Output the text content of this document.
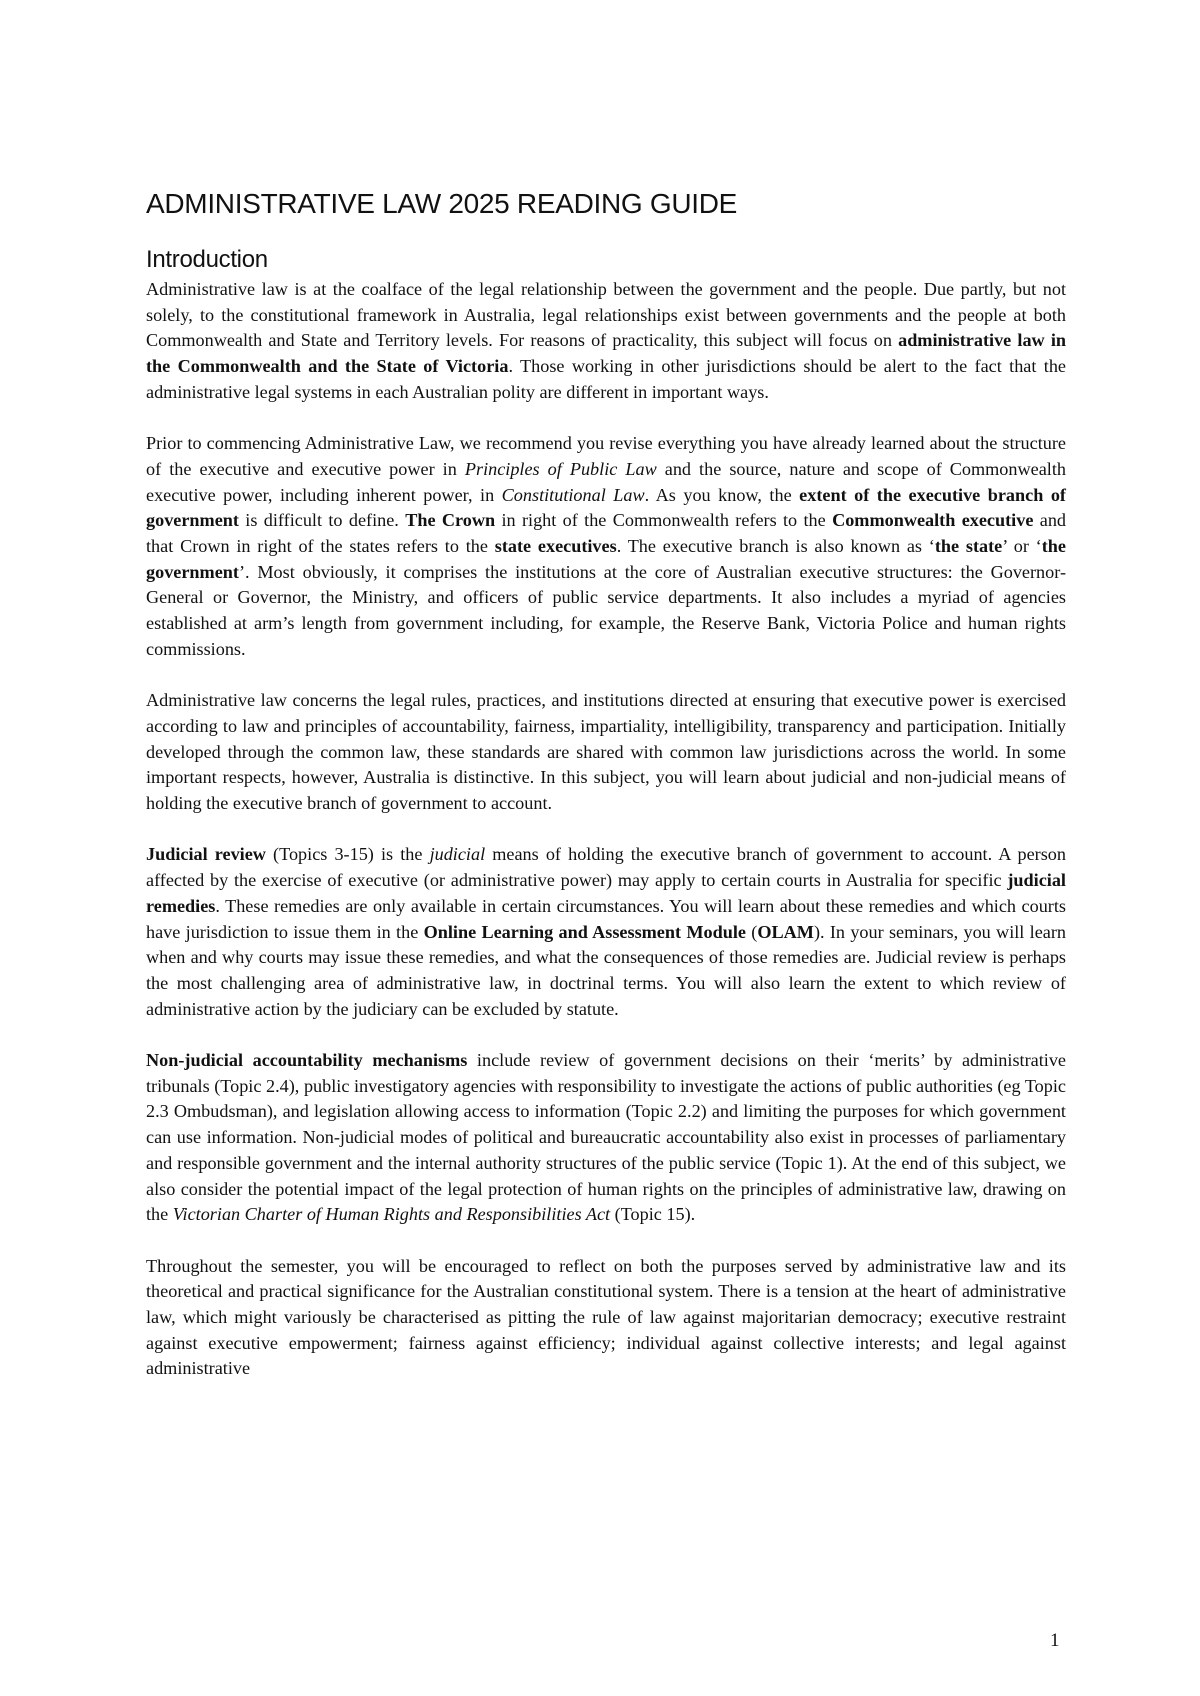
ADMINISTRATIVE LAW 2025 READING GUIDE
Introduction

Administrative law is at the coalface of the legal relationship between the government and the people. Due partly, but not solely, to the constitutional framework in Australia, legal relationships exist between governments and the people at both Commonwealth and State and Territory levels. For reasons of practicality, this subject will focus on administrative law in the Commonwealth and the State of Victoria. Those working in other jurisdictions should be alert to the fact that the administrative legal systems in each Australian polity are different in important ways.

Prior to commencing Administrative Law, we recommend you revise everything you have already learned about the structure of the executive and executive power in Principles of Public Law and the source, nature and scope of Commonwealth executive power, including inherent power, in Constitutional Law. As you know, the extent of the executive branch of government is difficult to define. The Crown in right of the Commonwealth refers to the Commonwealth executive and that Crown in right of the states refers to the state executives. The executive branch is also known as ‘the state’ or ‘the government’. Most obviously, it comprises the institutions at the core of Australian executive structures: the Governor-General or Governor, the Ministry, and officers of public service departments. It also includes a myriad of agencies established at arm’s length from government including, for example, the Reserve Bank, Victoria Police and human rights commissions.

Administrative law concerns the legal rules, practices, and institutions directed at ensuring that executive power is exercised according to law and principles of accountability, fairness, impartiality, intelligibility, transparency and participation. Initially developed through the common law, these standards are shared with common law jurisdictions across the world. In some important respects, however, Australia is distinctive. In this subject, you will learn about judicial and non-judicial means of holding the executive branch of government to account.

Judicial review (Topics 3-15) is the judicial means of holding the executive branch of government to account. A person affected by the exercise of executive (or administrative power) may apply to certain courts in Australia for specific judicial remedies. These remedies are only available in certain circumstances. You will learn about these remedies and which courts have jurisdiction to issue them in the Online Learning and Assessment Module (OLAM). In your seminars, you will learn when and why courts may issue these remedies, and what the consequences of those remedies are. Judicial review is perhaps the most challenging area of administrative law, in doctrinal terms. You will also learn the extent to which review of administrative action by the judiciary can be excluded by statute.

Non-judicial accountability mechanisms include review of government decisions on their ‘merits’ by administrative tribunals (Topic 2.4), public investigatory agencies with responsibility to investigate the actions of public authorities (eg Topic 2.3 Ombudsman), and legislation allowing access to information (Topic 2.2) and limiting the purposes for which government can use information. Non-judicial modes of political and bureaucratic accountability also exist in processes of parliamentary and responsible government and the internal authority structures of the public service (Topic 1). At the end of this subject, we also consider the potential impact of the legal protection of human rights on the principles of administrative law, drawing on the Victorian Charter of Human Rights and Responsibilities Act (Topic 15).

Throughout the semester, you will be encouraged to reflect on both the purposes served by administrative law and its theoretical and practical significance for the Australian constitutional system. There is a tension at the heart of administrative law, which might variously be characterised as pitting the rule of law against majoritarian democracy; executive restraint against executive empowerment; fairness against efficiency; individual against collective interests; and legal against administrative

1
